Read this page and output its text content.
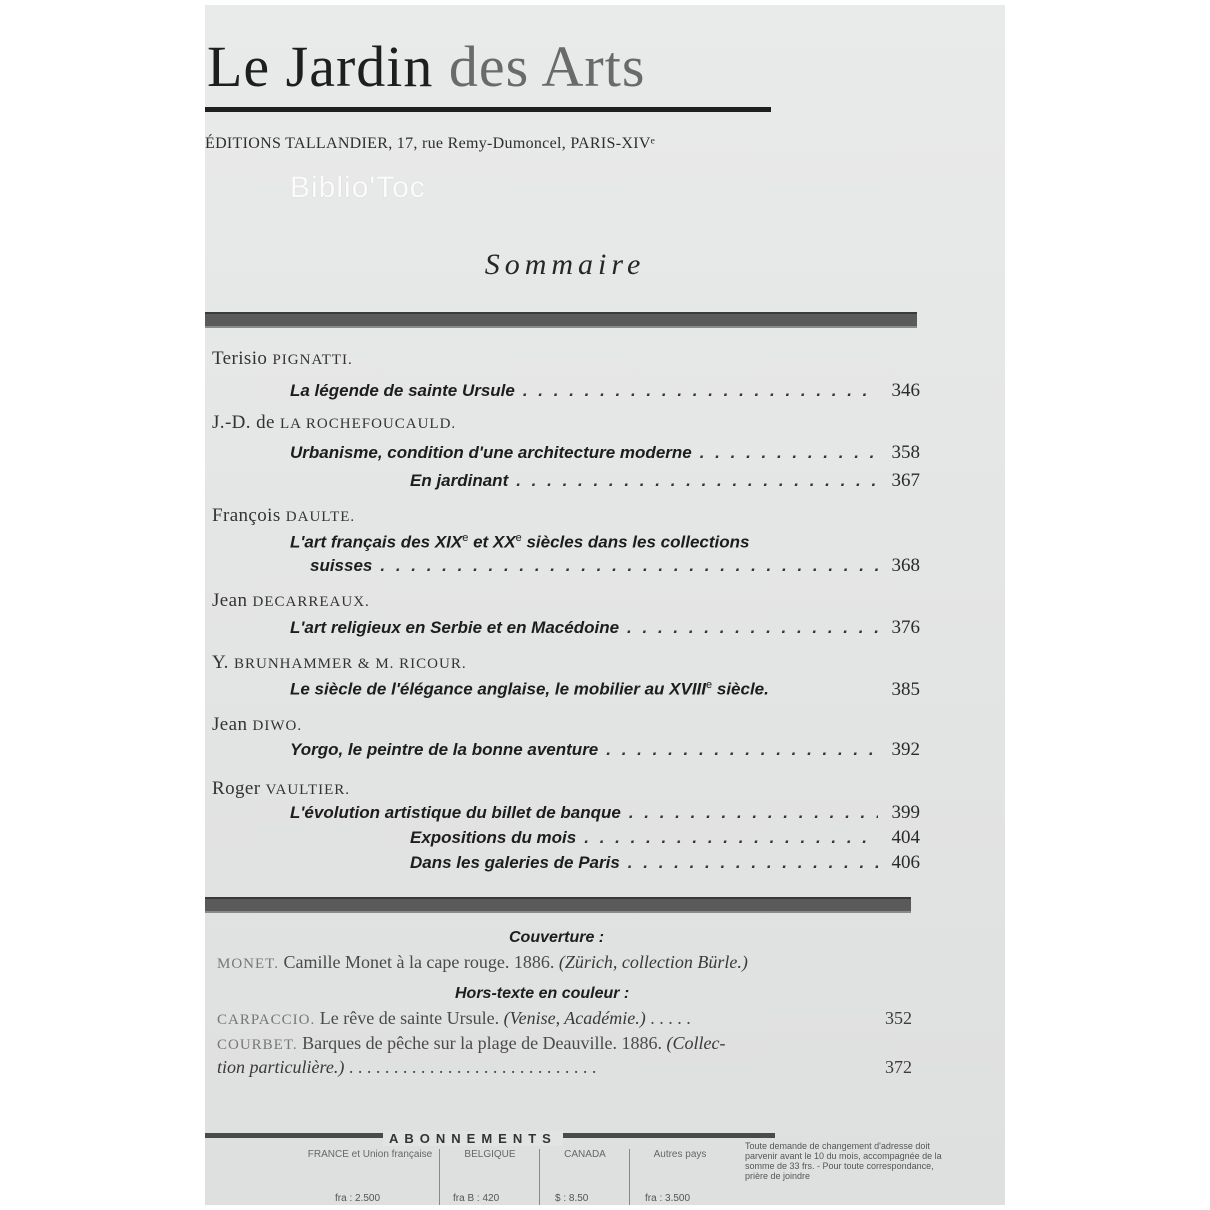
Le Jardin des Arts
ÉDITIONS TALLANDIER, 17, rue Remy-Dumoncel, PARIS-XIVᵉ
Biblio'Toc
Sommaire
Terisio PIGNATTI.
La légende de sainte Ursule . . .	346
J.-D. de LA ROCHEFOUCAULD.
Urbanisme, condition d'une architecture moderne . . .	358
En jardinant . . .	367
François DAULTE.
L'art français des XIXe et XXe siècles dans les collections
suisses . . .	368
Jean DECARREAUX.
L'art religieux en Serbie et en Macédoine . . .	376
Y. BRUNHAMMER & M. RICOUR.
Le siècle de l'élégance anglaise, le mobilier au XVIIIe siècle.	385
Jean DIWO.
Yorgo, le peintre de la bonne aventure . . .	392
Roger VAULTIER.
L'évolution artistique du billet de banque . . .	399
Expositions du mois . . .	404
Dans les galeries de Paris . . .	406
Couverture :
MONET. Camille Monet à la cape rouge. 1886. (Zürich, collection Bürle.)
Hors-texte en couleur :
CARPACCIO. Le rêve de sainte Ursule. (Venise, Académie.) . . . . .	352
COURBET. Barques de pêche sur la plage de Deauville. 1886. (Collec-
tion particulière.) . . . . . . . . . . . . . . . . . . . . . . . . . . . .	372
ABONNEMENTS
FRANCE et Union française	BELGIQUE	CANADA	Autres pays
fra : 2.500	fra B : 420	$ : 8.50	fra : 3.500
Toute demande de changement d'adresse doit parvenir avant le 10 du mois, accompagnée de la somme de 33 frs. - Pour toute correspondance, prière de joindre
